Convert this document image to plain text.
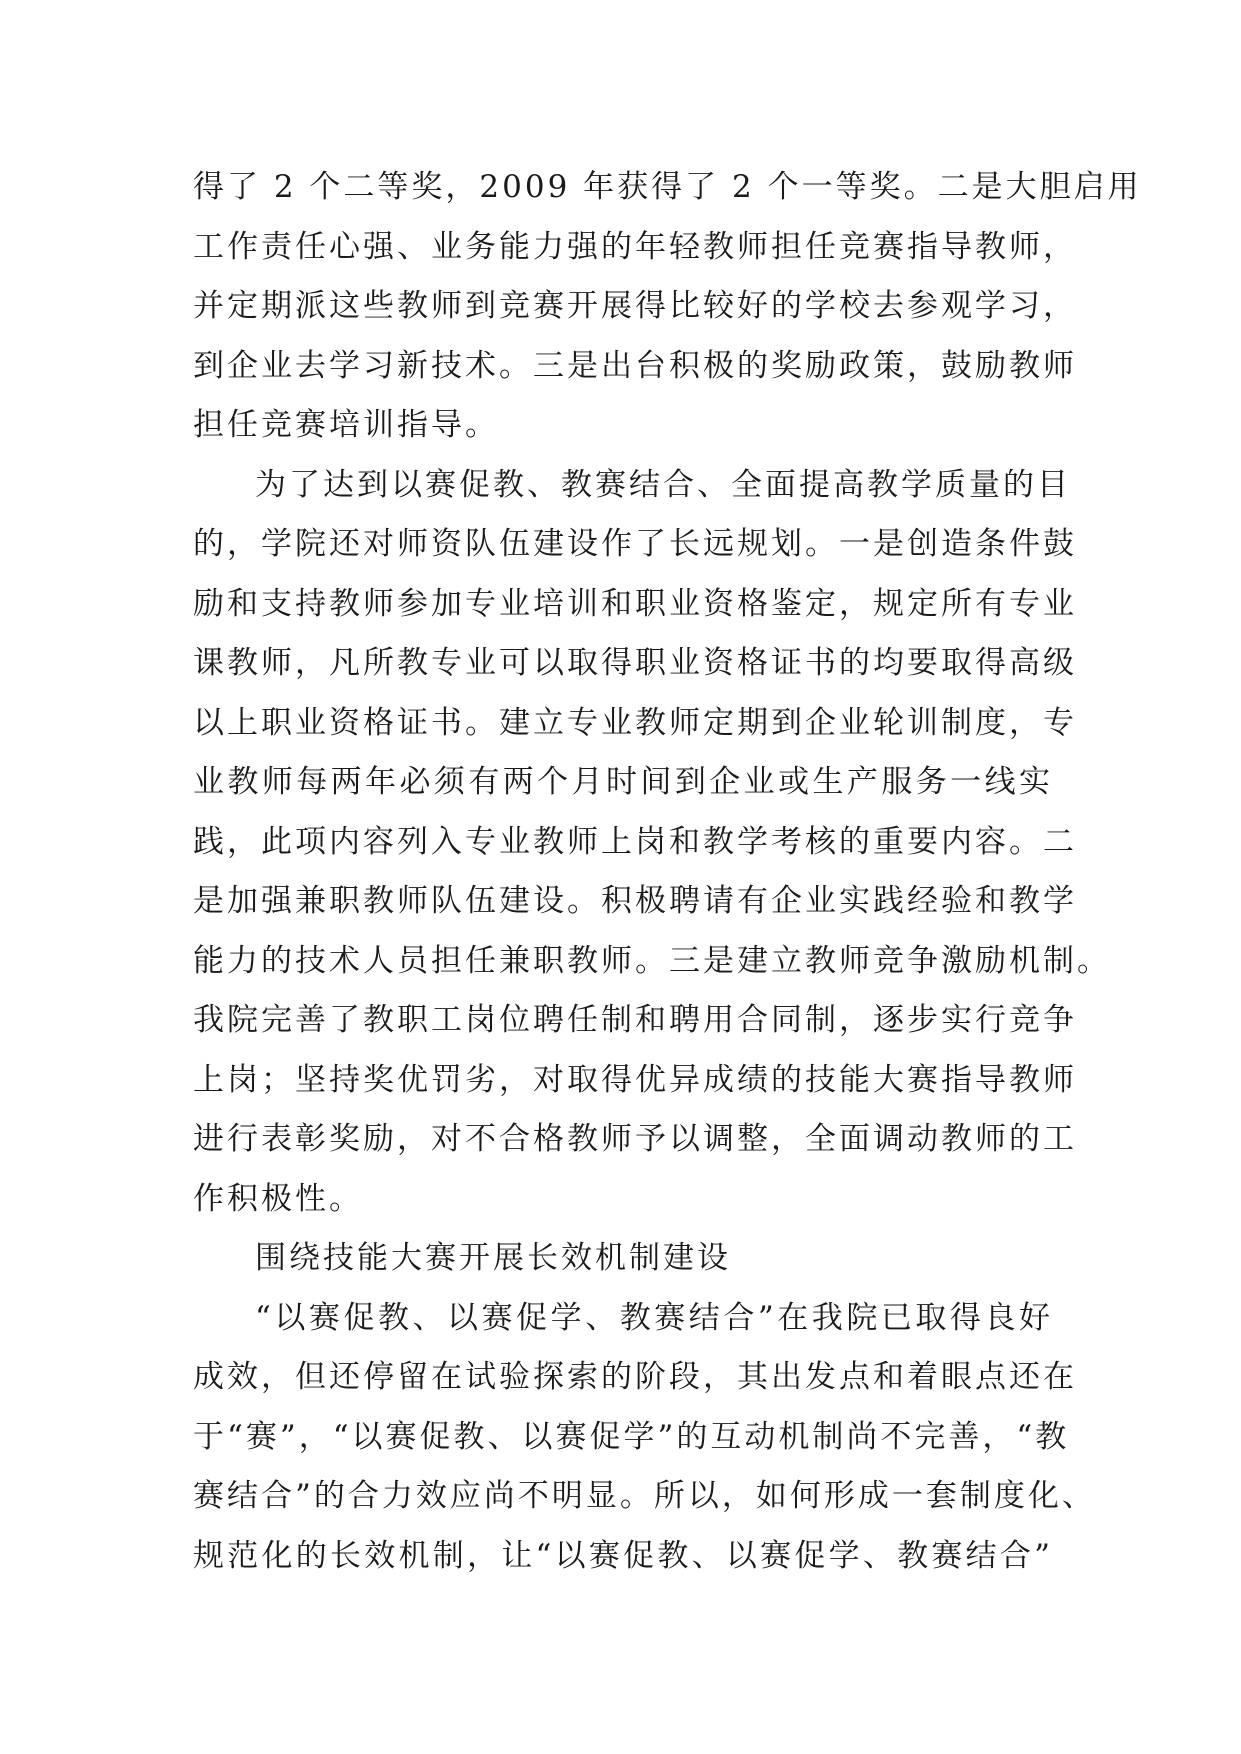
得了 2 个二等奖，2009 年获得了 2 个一等奖。二是大胆启用
工作责任心强、业务能力强的年轻教师担任竞赛指导教师，
并定期派这些教师到竞赛开展得比较好的学校去参观学习，
到企业去学习新技术。三是出台积极的奖励政策，鼓励教师
担任竞赛培训指导。
为了达到以赛促教、教赛结合、全面提高教学质量的目
的，学院还对师资队伍建设作了长远规划。一是创造条件鼓
励和支持教师参加专业培训和职业资格鉴定，规定所有专业
课教师，凡所教专业可以取得职业资格证书的均要取得高级
以上职业资格证书。建立专业教师定期到企业轮训制度，专
业教师每两年必须有两个月时间到企业或生产服务一线实
践，此项内容列入专业教师上岗和教学考核的重要内容。二
是加强兼职教师队伍建设。积极聘请有企业实践经验和教学
能力的技术人员担任兼职教师。三是建立教师竞争激励机制。
我院完善了教职工岗位聘任制和聘用合同制，逐步实行竞争
上岗；坚持奖优罚劣，对取得优异成绩的技能大赛指导教师
进行表彰奖励，对不合格教师予以调整，全面调动教师的工
作积极性。
围绕技能大赛开展长效机制建设
“以赛促教、以赛促学、教赛结合”在我院已取得良好
成效，但还停留在试验探索的阶段，其出发点和着眼点还在
于“赛”，“以赛促教、以赛促学”的互动机制尚不完善，“教
赛结合”的合力效应尚不明显。所以，如何形成一套制度化、
规范化的长效机制，让“以赛促教、以赛促学、教赛结合”
